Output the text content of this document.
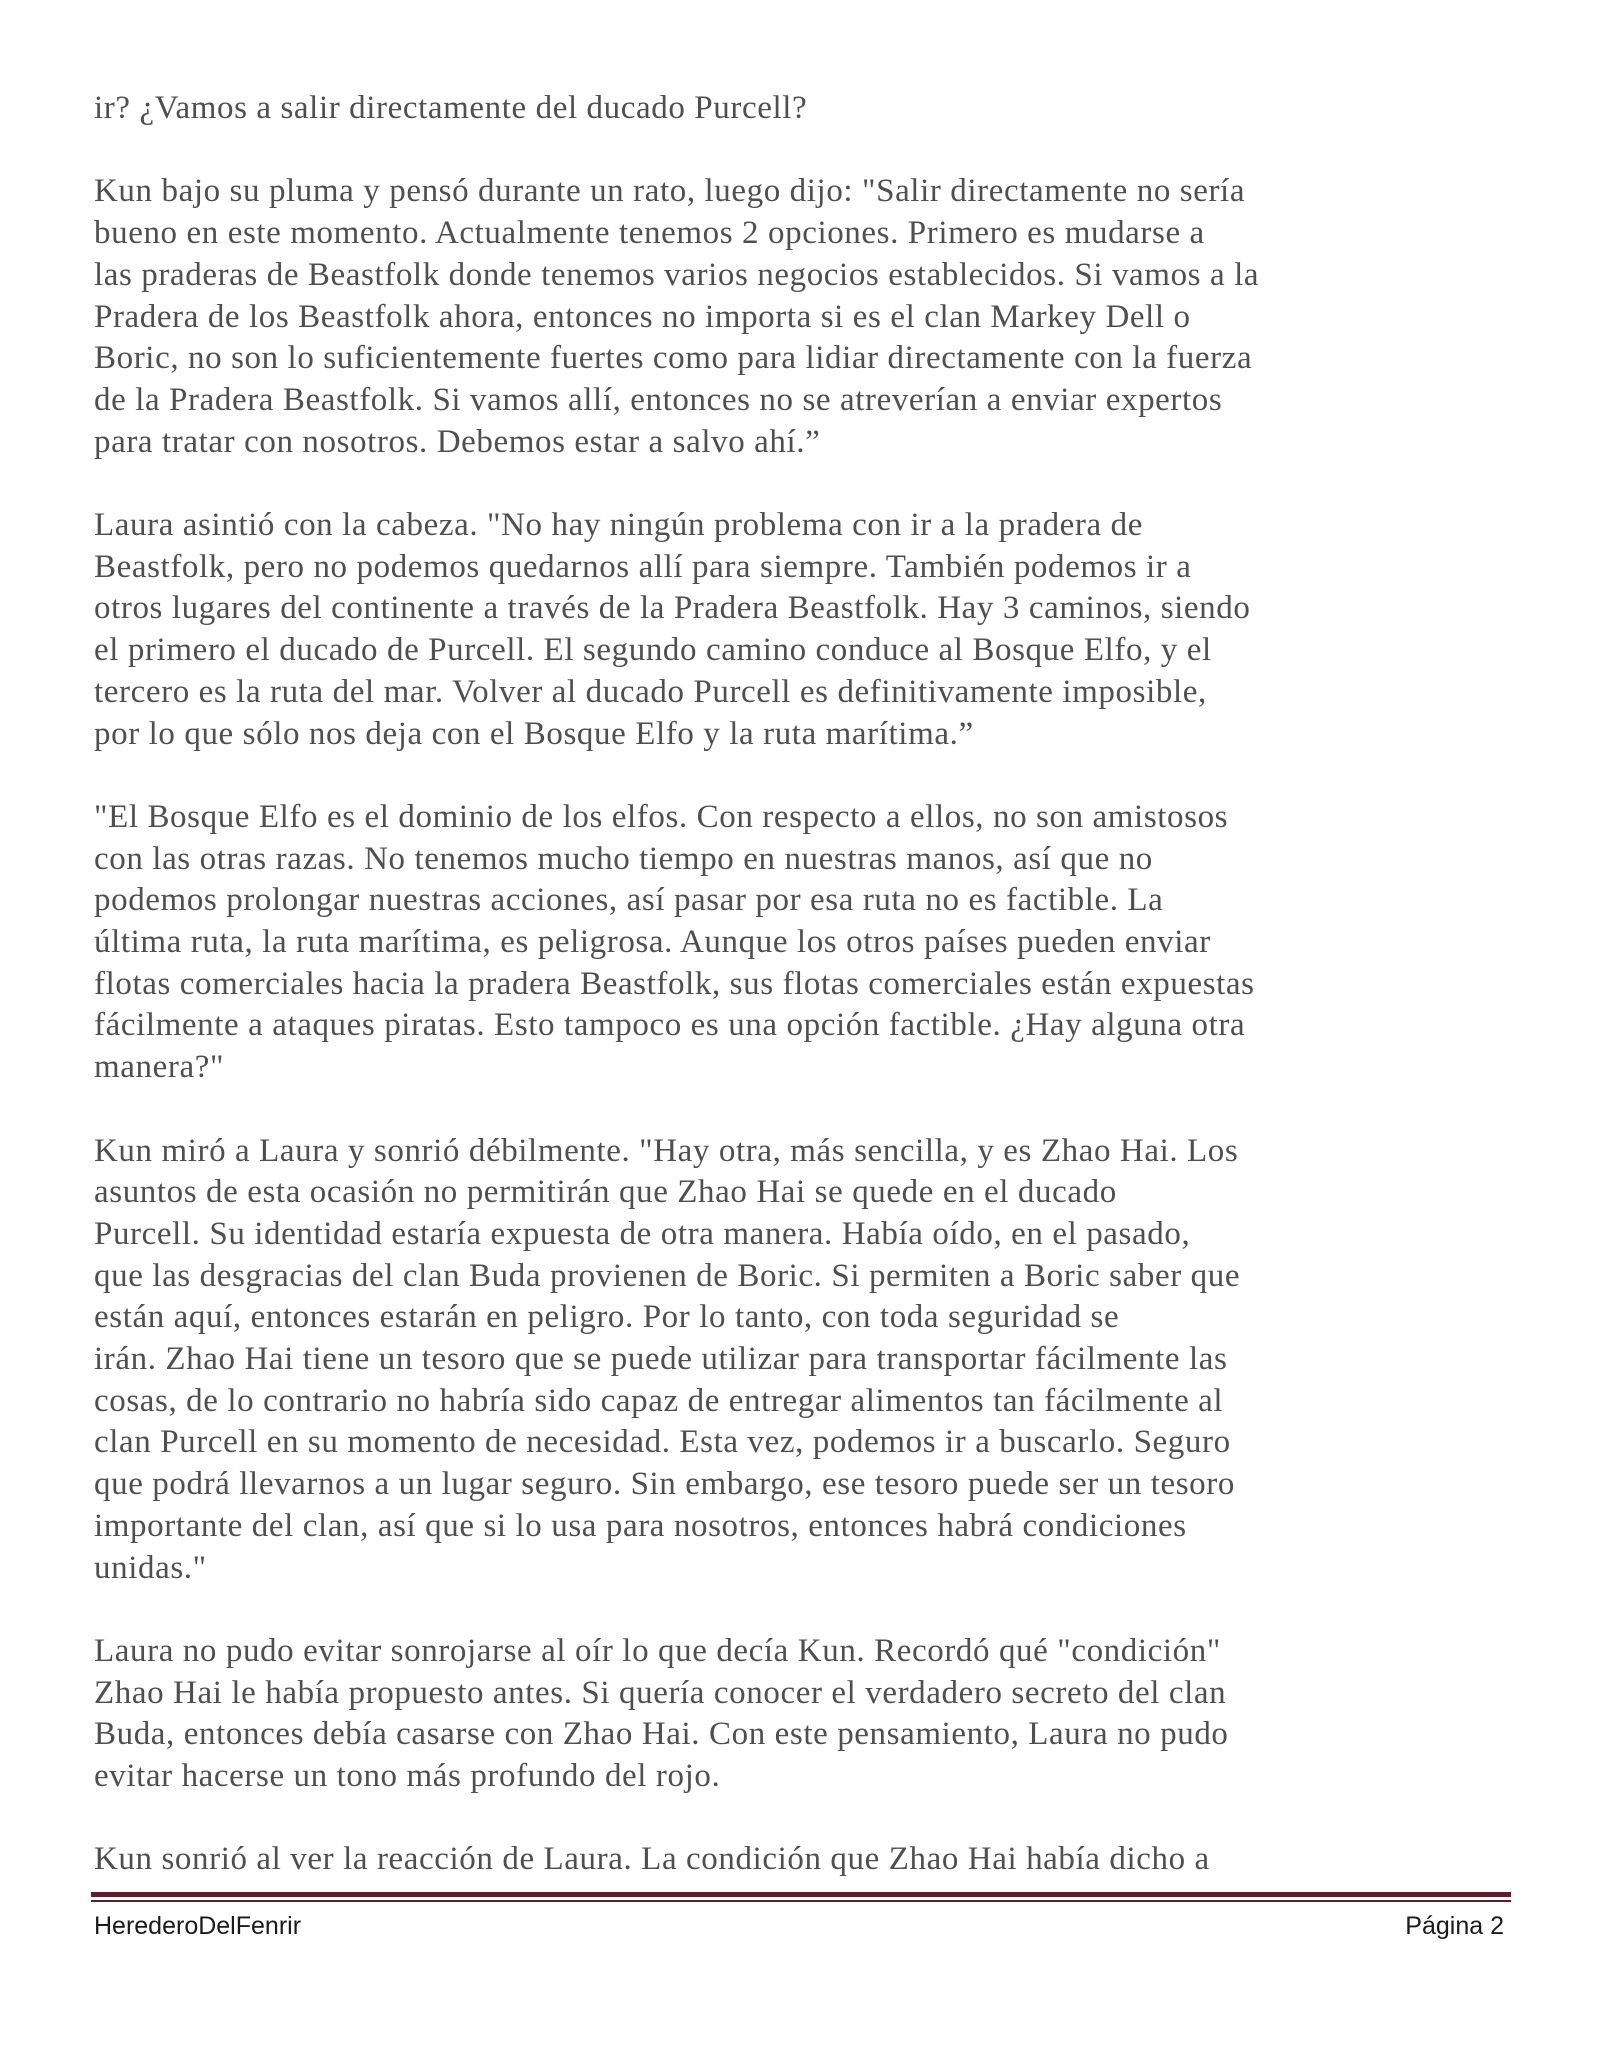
ir? ¿Vamos a salir directamente del ducado Purcell?

Kun bajo su pluma y pensó durante un rato, luego dijo: "Salir directamente no sería
bueno en este momento. Actualmente tenemos 2 opciones. Primero es mudarse a
las praderas de Beastfolk donde tenemos varios negocios establecidos. Si vamos a la
Pradera de los Beastfolk ahora, entonces no importa si es el clan Markey Dell o
Boric, no son lo suficientemente fuertes como para lidiar directamente con la fuerza
de la Pradera Beastfolk. Si vamos allí, entonces no se atreverían a enviar expertos
para tratar con nosotros. Debemos estar a salvo ahí.”

Laura asintió con la cabeza. "No hay ningún problema con ir a la pradera de
Beastfolk, pero no podemos quedarnos allí para siempre. También podemos ir a
otros lugares del continente a través de la Pradera Beastfolk. Hay 3 caminos, siendo
el primero el ducado de Purcell. El segundo camino conduce al Bosque Elfo, y el
tercero es la ruta del mar. Volver al ducado Purcell es definitivamente imposible,
por lo que sólo nos deja con el Bosque Elfo y la ruta marítima.”

"El Bosque Elfo es el dominio de los elfos. Con respecto a ellos, no son amistosos
con las otras razas. No tenemos mucho tiempo en nuestras manos, así que no
podemos prolongar nuestras acciones, así pasar por esa ruta no es factible. La
última ruta, la ruta marítima, es peligrosa. Aunque los otros países pueden enviar
flotas comerciales hacia la pradera Beastfolk, sus flotas comerciales están expuestas
fácilmente a ataques piratas. Esto tampoco es una opción factible. ¿Hay alguna otra
manera?"

Kun miró a Laura y sonrió débilmente. "Hay otra, más sencilla, y es Zhao Hai. Los
asuntos de esta ocasión no permitirán que Zhao Hai se quede en el ducado
Purcell. Su identidad estaría expuesta de otra manera. Había oído, en el pasado,
que las desgracias del clan Buda provienen de Boric. Si permiten a Boric saber que
están aquí, entonces estarán en peligro. Por lo tanto, con toda seguridad se
irán. Zhao Hai tiene un tesoro que se puede utilizar para transportar fácilmente las
cosas, de lo contrario no habría sido capaz de entregar alimentos tan fácilmente al
clan Purcell en su momento de necesidad. Esta vez, podemos ir a buscarlo. Seguro
que podrá llevarnos a un lugar seguro. Sin embargo, ese tesoro puede ser un tesoro
importante del clan, así que si lo usa para nosotros, entonces habrá condiciones
unidas."

Laura no pudo evitar sonrojarse al oír lo que decía Kun. Recordó qué "condición"
Zhao Hai le había propuesto antes. Si quería conocer el verdadero secreto del clan
Buda, entonces debía casarse con Zhao Hai. Con este pensamiento, Laura no pudo
evitar hacerse un tono más profundo del rojo.

Kun sonrió al ver la reacción de Laura. La condición que Zhao Hai había dicho a

HerederoDelFenrir	Página 2
